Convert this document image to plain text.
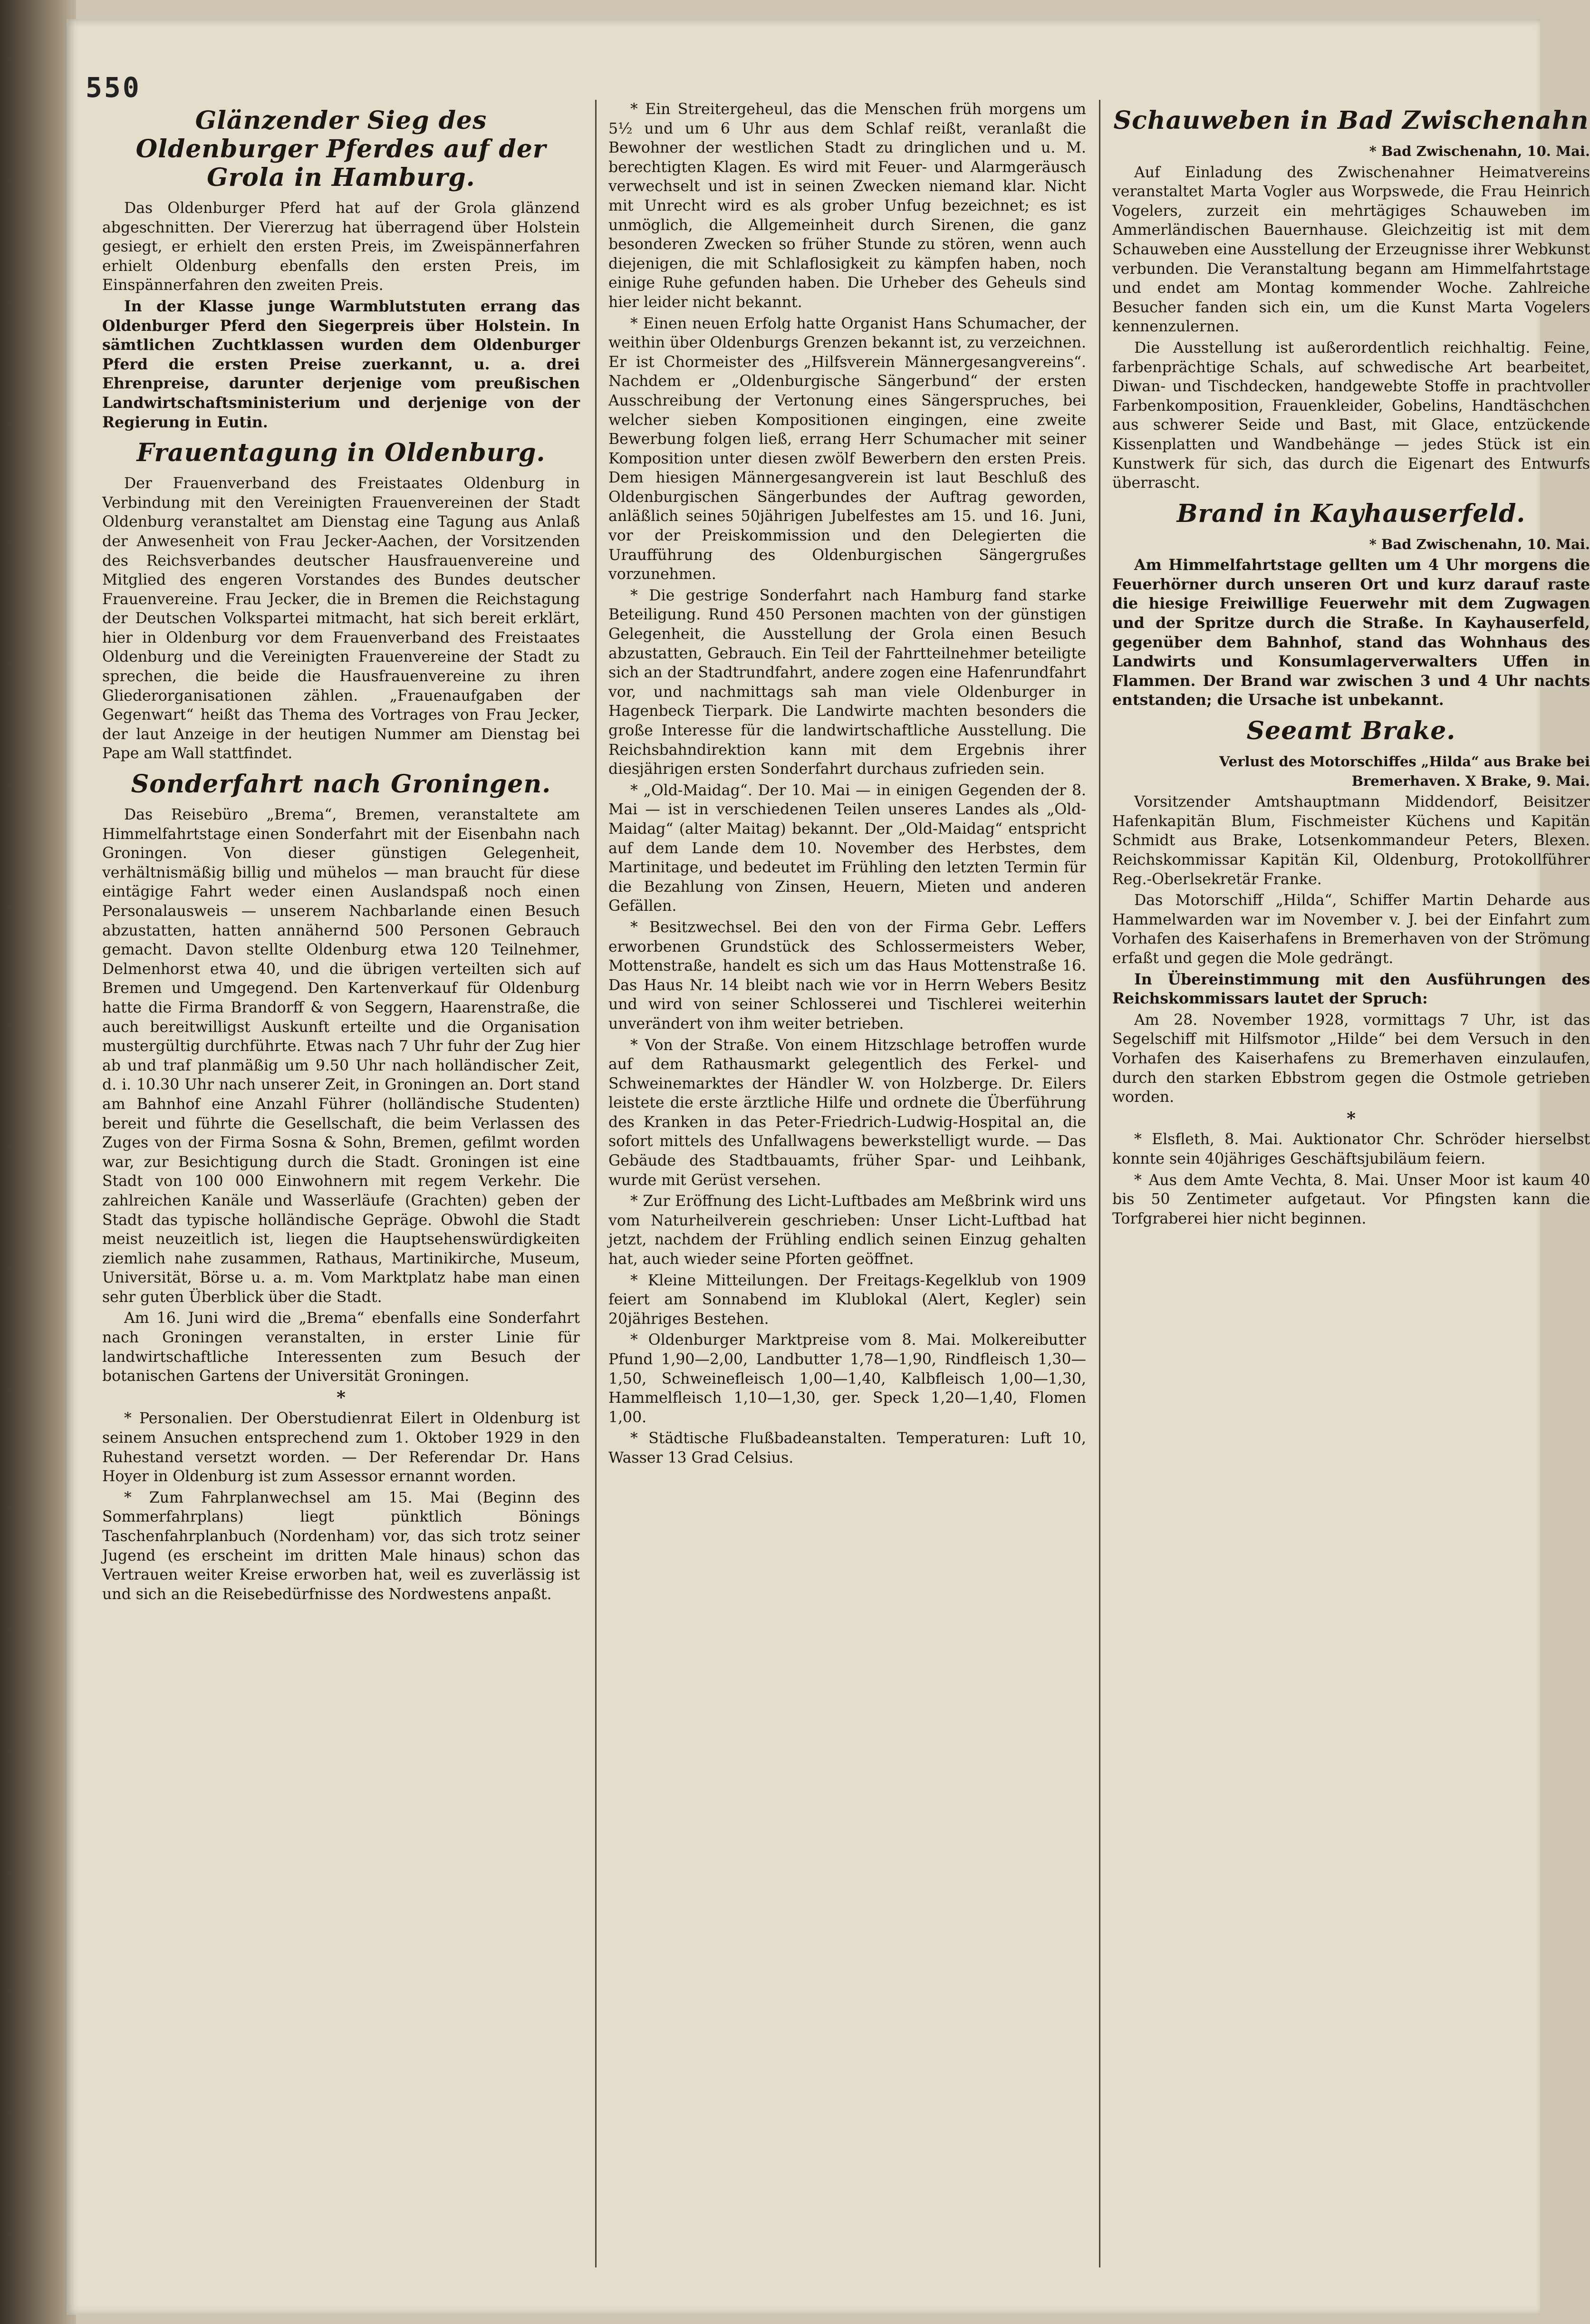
550
Glänzender Sieg des Oldenburger Pferdes auf der Grola in Hamburg.

Das Oldenburger Pferd hat auf der Grola glänzend abgeschnitten. Der Viererzug hat überragend über Holstein gesiegt, er erhielt den ersten Preis, im Zweispännerfahren erhielt Oldenburg ebenfalls den ersten Preis, im Einspännerfahren den zweiten Preis.

In der Klasse junge Warmblutstuten errang das Oldenburger Pferd den Siegerpreis über Holstein. In sämtlichen Zuchtklassen wurden dem Oldenburger Pferd die ersten Preise zuerkannt, u. a. drei Ehrenpreise, darunter derjenige vom preußischen Landwirtschaftsministerium und derjenige von der Regierung in Eutin.

Frauentagung in Oldenburg.

Der Frauenverband des Freistaates Oldenburg in Verbindung mit den Vereinigten Frauenvereinen der Stadt Oldenburg veranstaltet am Dienstag eine Tagung aus Anlaß der Anwesenheit von Frau Jecker-Aachen, der Vorsitzenden des Reichsverbandes deutscher Hausfrauenvereine und Mitglied des engeren Vorstandes des Bundes deutscher Frauenvereine. Frau Jecker, die in Bremen die Reichstagung der Deutschen Volkspartei mitmacht, hat sich bereit erklärt, hier in Oldenburg vor dem Frauenverband des Freistaates Oldenburg und die Vereinigten Frauenvereine der Stadt zu sprechen, die beide die Hausfrauenvereine zu ihren Gliederorganisationen zählen. „Frauenaufgaben der Gegenwart“ heißt das Thema des Vortrages von Frau Jecker, der laut Anzeige in der heutigen Nummer am Dienstag bei Pape am Wall stattfindet.

Sonderfahrt nach Groningen.

Das Reisebüro „Brema“, Bremen, veranstaltete am Himmelfahrtstage einen Sonderfahrt mit der Eisenbahn nach Groningen. Von dieser günstigen Gelegenheit, verhältnismäßig billig und mühelos — man braucht für diese eintägige Fahrt weder einen Auslandspaß noch einen Personalausweis — unserem Nachbarlande einen Besuch abzustatten, hatten annähernd 500 Personen Gebrauch gemacht. Davon stellte Oldenburg etwa 120 Teilnehmer, Delmenhorst etwa 40, und die übrigen verteilten sich auf Bremen und Umgegend. Den Kartenverkauf für Oldenburg hatte die Firma Brandorff & von Seggern, Haarenstraße, die auch bereitwilligst Auskunft erteilte und die Organisation mustergültig durchführte. Etwas nach 7 Uhr fuhr der Zug hier ab und traf planmäßig um 9.50 Uhr nach holländischer Zeit, d. i. 10.30 Uhr nach unserer Zeit, in Groningen an. Dort stand am Bahnhof eine Anzahl Führer (holländische Studenten) bereit und führte die Gesellschaft, die beim Verlassen des Zuges von der Firma Sosna & Sohn, Bremen, gefilmt worden war, zur Besichtigung durch die Stadt. Groningen ist eine Stadt von 100 000 Einwohnern mit regem Verkehr. Die zahlreichen Kanäle und Wasserläufe (Grachten) geben der Stadt das typische holländische Gepräge. Obwohl die Stadt meist neuzeitlich ist, liegen die Hauptsehenswürdigkeiten ziemlich nahe zusammen, Rathaus, Martinikirche, Museum, Universität, Börse u. a. m. Vom Marktplatz habe man einen sehr guten Überblick über die Stadt.

Am 16. Juni wird die „Brema“ ebenfalls eine Sonderfahrt nach Groningen veranstalten, in erster Linie für landwirtschaftliche Interessenten zum Besuch der botanischen Gartens der Universität Groningen.

*

* Personalien. Der Oberstudienrat Eilert in Oldenburg ist seinem Ansuchen entsprechend zum 1. Oktober 1929 in den Ruhestand versetzt worden. — Der Referendar Dr. Hans Hoyer in Oldenburg ist zum Assessor ernannt worden.

* Zum Fahrplanwechsel am 15. Mai (Beginn des Sommerfahrplans) liegt pünktlich Bönings Taschenfahrplanbuch (Nordenham) vor, das sich trotz seiner Jugend (es erscheint im dritten Male hinaus) schon das Vertrauen weiter Kreise erworben hat, weil es zuverlässig ist und sich an die Reisebedürfnisse des Nordwestens anpaßt.

* Ein Streitergeheul, das die Menschen früh morgens um 5½ und um 6 Uhr aus dem Schlaf reißt, veranlaßt die Bewohner der westlichen Stadt zu dringlichen und u. M. berechtigten Klagen. Es wird mit Feuer- und Alarmgeräusch verwechselt und ist in seinen Zwecken niemand klar. Nicht mit Unrecht wird es als grober Unfug bezeichnet; es ist unmöglich, die Allgemeinheit durch Sirenen, die ganz besonderen Zwecken so früher Stunde zu stören, wenn auch diejenigen, die mit Schlaflosigkeit zu kämpfen haben, noch einige Ruhe gefunden haben. Die Urheber des Geheuls sind hier leider nicht bekannt.

* Einen neuen Erfolg hatte Organist Hans Schumacher, der weithin über Oldenburgs Grenzen bekannt ist, zu verzeichnen. Er ist Chormeister des „Hilfsverein Männergesangvereins“. Nachdem er „Oldenburgische Sängerbund“ der ersten Ausschreibung der Vertonung eines Sängerspruches, bei welcher sieben Kompositionen eingingen, eine zweite Bewerbung folgen ließ, errang Herr Schumacher mit seiner Komposition unter diesen zwölf Bewerbern den ersten Preis. Dem hiesigen Männergesangverein ist laut Beschluß des Oldenburgischen Sängerbundes der Auftrag geworden, anläßlich seines 50jährigen Jubelfestes am 15. und 16. Juni, vor der Preiskommission und den Delegierten die Uraufführung des Oldenburgischen Sängergrußes vorzunehmen.

* Die gestrige Sonderfahrt nach Hamburg fand starke Beteiligung. Rund 450 Personen machten von der günstigen Gelegenheit, die Ausstellung der Grola einen Besuch abzustatten, Gebrauch. Ein Teil der Fahrtteilnehmer beteiligte sich an der Stadtrundfahrt, andere zogen eine Hafenrundfahrt vor, und nachmittags sah man viele Oldenburger in Hagenbeck Tierpark. Die Landwirte machten besonders die große Interesse für die landwirtschaftliche Ausstellung. Die Reichsbahndirektion kann mit dem Ergebnis ihrer diesjährigen ersten Sonderfahrt durchaus zufrieden sein.

* „Old-Maidag“. Der 10. Mai — in einigen Gegenden der 8. Mai — ist in verschiedenen Teilen unseres Landes als „Old-Maidag“ (alter Maitag) bekannt. Der „Old-Maidag“ entspricht auf dem Lande dem 10. November des Herbstes, dem Martinitage, und bedeutet im Frühling den letzten Termin für die Bezahlung von Zinsen, Heuern, Mieten und anderen Gefällen.

* Besitzwechsel. Bei den von der Firma Gebr. Leffers erworbenen Grundstück des Schlossermeisters Weber, Mottenstraße, handelt es sich um das Haus Mottenstraße 16. Das Haus Nr. 14 bleibt nach wie vor in Herrn Webers Besitz und wird von seiner Schlosserei und Tischlerei weiterhin unverändert von ihm weiter betrieben.

* Von der Straße. Von einem Hitzschlage betroffen wurde auf dem Rathausmarkt gelegentlich des Ferkel- und Schweinemarktes der Händler W. von Holzberge. Dr. Eilers leistete die erste ärztliche Hilfe und ordnete die Überführung des Kranken in das Peter-Friedrich-Ludwig-Hospital an, die sofort mittels des Unfallwagens bewerkstelligt wurde. — Das Gebäude des Stadtbauamts, früher Spar- und Leihbank, wurde mit Gerüst versehen.

* Zur Eröffnung des Licht-Luftbades am Meßbrink wird uns vom Naturheilverein geschrieben: Unser Licht-Luftbad hat jetzt, nachdem der Frühling endlich seinen Einzug gehalten hat, auch wieder seine Pforten geöffnet.

* Kleine Mitteilungen. Der Freitags-Kegelklub von 1909 feiert am Sonnabend im Klublokal (Alert, Kegler) sein 20jähriges Bestehen.

* Oldenburger Marktpreise vom 8. Mai. Molkereibutter Pfund 1,90—2,00, Landbutter 1,78—1,90, Rindfleisch 1,30—1,50, Schweinefleisch 1,00—1,40, Kalbfleisch 1,00—1,30, Hammelfleisch 1,10—1,30, ger. Speck 1,20—1,40, Flomen 1,00.

* Städtische Flußbadeanstalten. Temperaturen: Luft 10, Wasser 13 Grad Celsius.

Schauweben in Bad Zwischenahn

* Bad Zwischenahn, 10. Mai.

Auf Einladung des Zwischenahner Heimatvereins veranstaltet Marta Vogler aus Worpswede, die Frau Heinrich Vogelers, zurzeit ein mehrtägiges Schauweben im Ammerländischen Bauernhause. Gleichzeitig ist mit dem Schauweben eine Ausstellung der Erzeugnisse ihrer Webkunst verbunden. Die Veranstaltung begann am Himmelfahrtstage und endet am Montag kommender Woche. Zahlreiche Besucher fanden sich ein, um die Kunst Marta Vogelers kennenzulernen.

Die Ausstellung ist außerordentlich reichhaltig. Feine, farbenprächtige Schals, auf schwedische Art bearbeitet, Diwan- und Tischdecken, handgewebte Stoffe in prachtvoller Farbenkomposition, Frauenkleider, Gobelins, Handtäschchen aus schwerer Seide und Bast, mit Glace, entzückende Kissenplatten und Wandbehänge — jedes Stück ist ein Kunstwerk für sich, das durch die Eigenart des Entwurfs überrascht.

Brand in Kayhauserfeld.

* Bad Zwischenahn, 10. Mai.

Am Himmelfahrtstage gellten um 4 Uhr morgens die Feuerhörner durch unseren Ort und kurz darauf raste die hiesige Freiwillige Feuerwehr mit dem Zugwagen und der Spritze durch die Straße. In Kayhauserfeld, gegenüber dem Bahnhof, stand das Wohnhaus des Landwirts und Konsumlagerverwalters Uffen in Flammen. Der Brand war zwischen 3 und 4 Uhr nachts entstanden; die Ursache ist unbekannt.

Seeamt Brake.

Verlust des Motorschiffes „Hilda“ aus Brake bei Bremerhaven. X Brake, 9. Mai.

Vorsitzender Amtshauptmann Middendorf, Beisitzer Hafenkapitän Blum, Fischmeister Küchens und Kapitän Schmidt aus Brake, Lotsenkommandeur Peters, Blexen. Reichskommissar Kapitän Kil, Oldenburg, Protokollführer Reg.-Oberlsekretär Franke.

Das Motorschiff „Hilda“, Schiffer Martin Deharde aus Hammelwarden war im November v. J. bei der Einfahrt zum Vorhafen des Kaiserhafens in Bremerhaven von der Strömung erfaßt und gegen die Mole gedrängt.

In Übereinstimmung mit den Ausführungen des Reichskommissars lautet der Spruch:

Am 28. November 1928, vormittags 7 Uhr, ist das Segelschiff mit Hilfsmotor „Hilde“ bei dem Versuch in den Vorhafen des Kaiserhafens zu Bremerhaven einzulaufen, durch den starken Ebbstrom gegen die Ostmole getrieben worden.

*

* Elsfleth, 8. Mai. Auktionator Chr. Schröder hierselbst konnte sein 40jähriges Geschäftsjubiläum feiern.

* Aus dem Amte Vechta, 8. Mai. Unser Moor ist kaum 40 bis 50 Zentimeter aufgetaut. Vor Pfingsten kann die Torfgraberei hier nicht beginnen.
